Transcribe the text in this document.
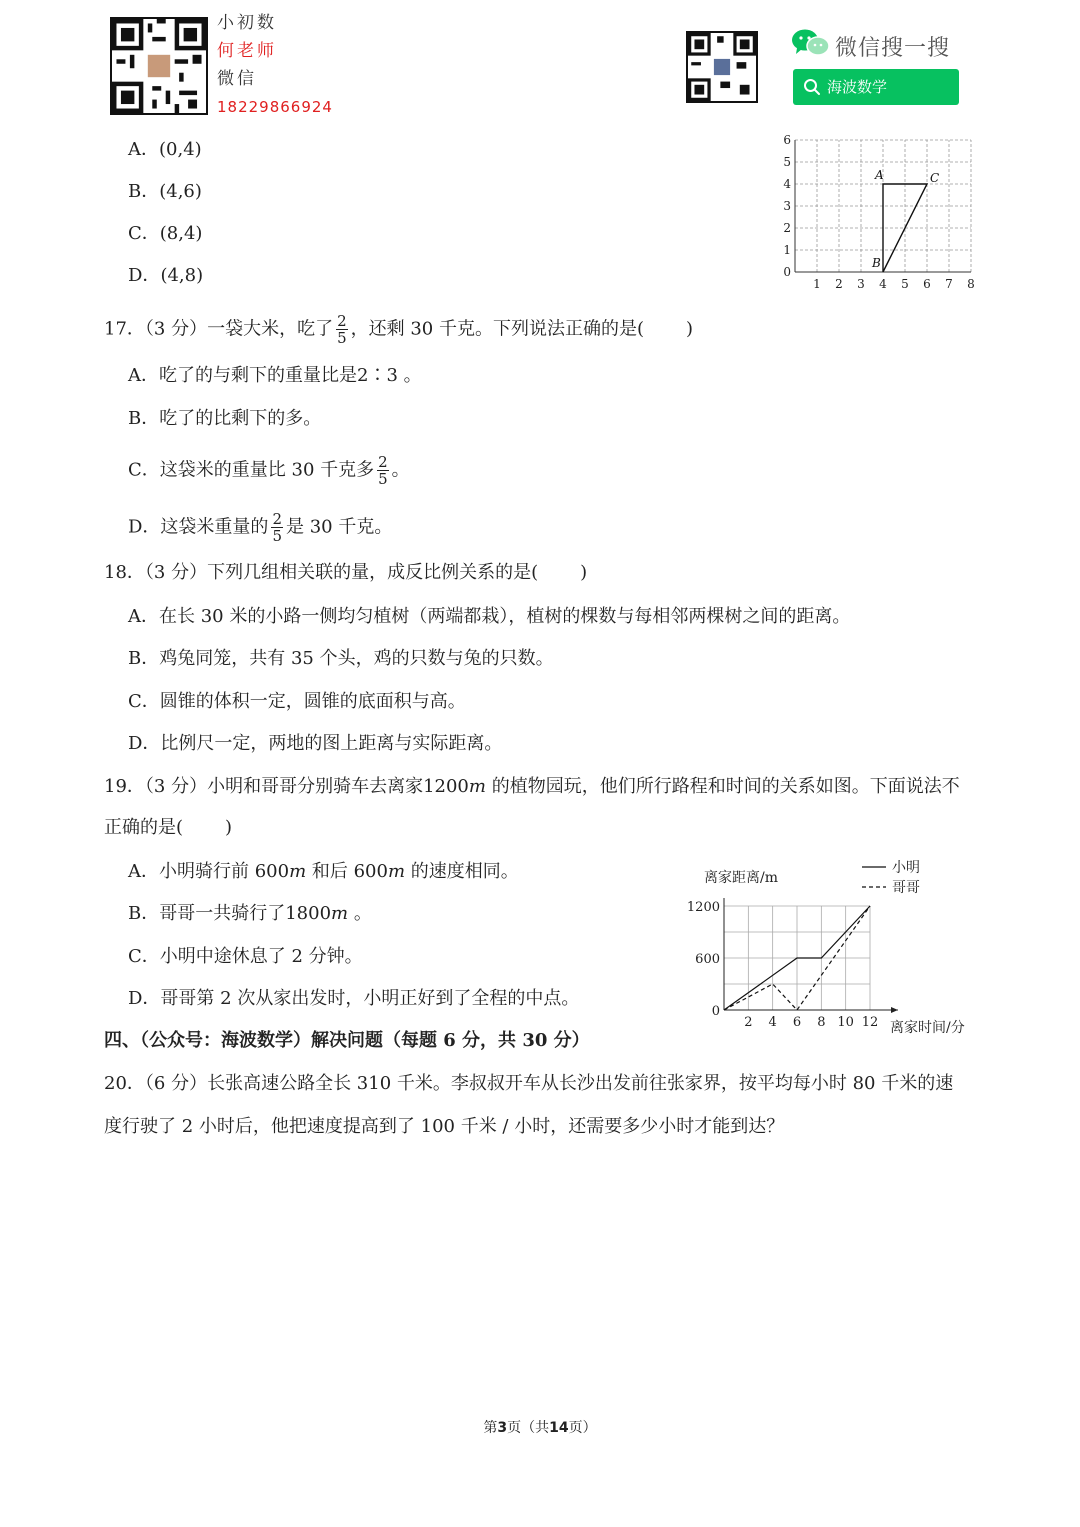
小初数
何老师
微信
18229866924
微信搜一搜
海波数学
A．(0,4)
B．(4,6)
C．(8,4)
D．(4,8)	1 2 3 4 5 6 7 8
0
1
2
3
4
5
6
A
B
C
17．（3 分）一袋大米，吃了 $\frac{2}{5}$ ，还剩 30 千克。下列说法正确的是( )
A．吃了的与剩下的重量比是2∶3 。
B．吃了的比剩下的多。
C．这袋米的重量比 30 千克多 $\frac{2}{5}$ 。
D．这袋米重量的 $\frac{2}{5}$ 是 30 千克。
18．（3 分）下列几组相关联的量，成反比例关系的是( )
A．在长 30 米的小路一侧均匀植树（两端都栽），植树的棵数与每相邻两棵树之间的距离。
B．鸡兔同笼，共有 35 个头，鸡的只数与兔的只数。
C．圆锥的体积一定，圆锥的底面积与高。
D．比例尺一定，两地的图上距离与实际距离。
19．（3 分）小明和哥哥分别骑车去离家1200m 的植物园玩，他们所行路程和时间的关系如图。下面说法不
正确的是( )
A．小明骑行前 600m 和后 600m 的速度相同。
B．哥哥一共骑行了1800m 。
C．小明中途休息了 2 分钟。
D．哥哥第 2 次从家出发时，小明正好到了全程的中点。
2 4 6 8 10 12
0
600
1200
离家距离/m
离家时间/分
小明
哥哥
四、（公众号：海波数学）解决问题（每题 6 分，共 30 分）
20．（6 分）长张高速公路全长 310 千米。李叔叔开车从长沙出发前往张家界，按平均每小时 80 千米的速
度行驶了 2 小时后，他把速度提高到了 100 千米 / 小时，还需要多少小时才能到达？
第3页（共14页）
